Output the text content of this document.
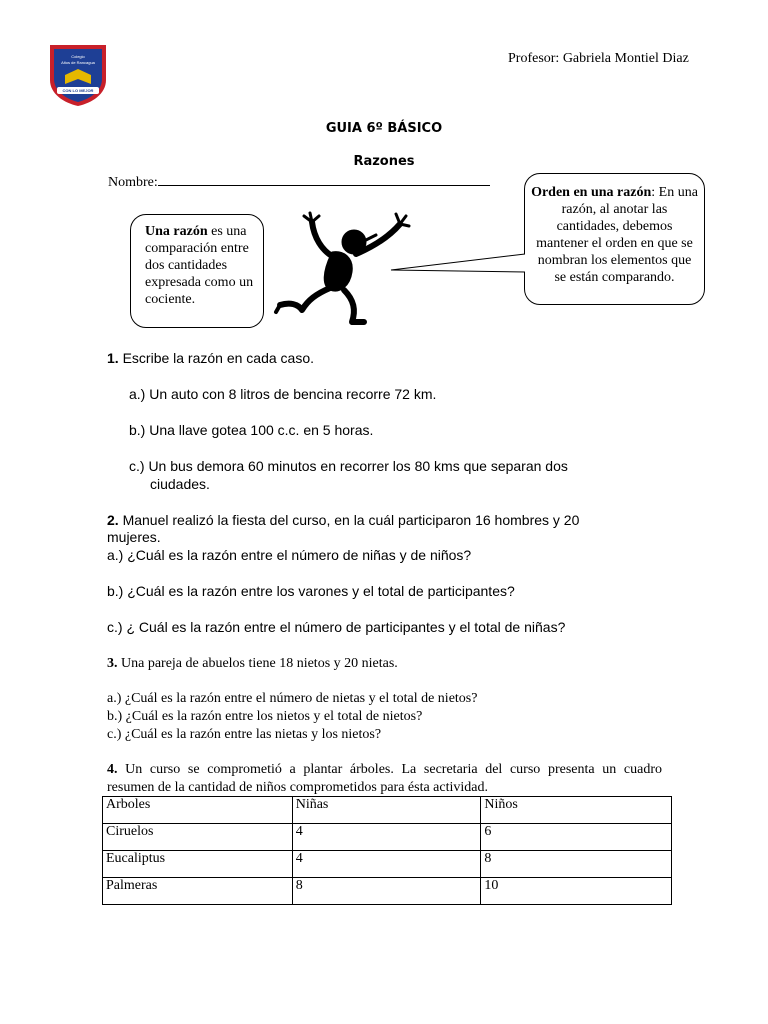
Colegio
Altos de Rancagua
CON LO MEJOR
Profesor: Gabriela Montiel Diaz
GUIA 6º BÁSICO
Razones
Nombre:
Una razón es una comparación entre dos cantidades expresada como un cociente.
Orden en una razón: En una razón, al anotar las cantidades, debemos mantener el orden en que se nombran los elementos que se están comparando.
1. Escribe la razón en cada caso.
a.) Un auto con 8 litros de bencina recorre 72 km.
b.) Una llave gotea 100 c.c. en 5 horas.
c.) Un bus demora 60 minutos en recorrer los 80 kms que separan dos
ciudades.
2. Manuel realizó la fiesta del curso, en la cuál participaron 16 hombres y 20
mujeres.
a.) ¿Cuál es la razón entre el número de niñas y de niños?
b.) ¿Cuál es la razón entre los varones y el total de participantes?
c.) ¿ Cuál es la razón entre el número de participantes y el total de niñas?
3. Una pareja de abuelos tiene 18 nietos y 20 nietas.
a.) ¿Cuál es la razón entre el número de nietas y el total de nietos?
b.) ¿Cuál es la razón entre los nietos y el total de nietos?
c.) ¿Cuál es la razón entre las nietas y los nietos?
4. Un curso se comprometió a plantar árboles. La secretaria del curso presenta un cuadro
resumen de la cantidad de niños comprometidos para ésta actividad.
Arboles	Niñas	Niños
Ciruelos	4	6
Eucaliptus	4	8
Palmeras	8	10
